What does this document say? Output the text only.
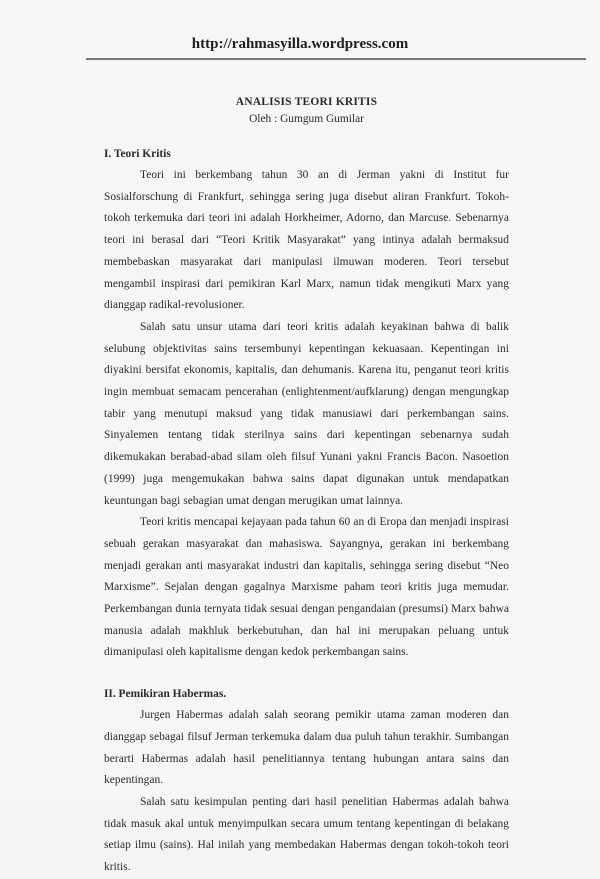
http://rahmasyilla.wordpress.com
ANALISIS TEORI KRITIS
Oleh : Gumgum Gumilar
I. Teori Kritis

Teori ini berkembang tahun 30 an di Jerman yakni di Institut fur Sosialforschung di Frankfurt, sehingga sering juga disebut aliran Frankfurt. Tokoh-tokoh terkemuka dari teori ini adalah Horkheimer, Adorno, dan Marcuse. Sebenarnya teori ini berasal dari “Teori Kritik Masyarakat” yang intinya adalah bermaksud membebaskan masyarakat dari manipulasi ilmuwan moderen. Teori tersebut mengambil inspirasi dari pemikiran Karl Marx, namun tidak mengikuti Marx yang dianggap radikal-revolusioner.

Salah satu unsur utama dari teori kritis adalah keyakinan bahwa di balik selubung objektivitas sains tersembunyi kepentingan kekuasaan. Kepentingan ini diyakini bersifat ekonomis, kapitalis, dan dehumanis. Karena itu, penganut teori kritis ingin membuat semacam pencerahan (enlightenment/aufklarung) dengan mengungkap tabir yang menutupi maksud yang tidak manusiawi dari perkembangan sains. Sinyalemen tentang tidak sterilnya sains dari kepentingan sebenarnya sudah dikemukakan berabad-abad silam oleh filsuf Yunani yakni Francis Bacon. Nasoetion (1999) juga mengemukakan bahwa sains dapat digunakan untuk mendapatkan keuntungan bagi sebagian umat dengan merugikan umat lainnya.

Teori kritis mencapai kejayaan pada tahun 60 an di Eropa dan menjadi inspirasi sebuah gerakan masyarakat dan mahasiswa. Sayangnya, gerakan ini berkembang menjadi gerakan anti masyarakat industri dan kapitalis, sehingga sering disebut “Neo Marxisme”. Sejalan dengan gagalnya Marxisme paham teori kritis juga memudar. Perkembangan dunia ternyata tidak sesuai dengan pengandaian (presumsi) Marx bahwa manusia adalah makhluk berkebutuhan, dan hal ini merupakan peluang untuk dimanipulasi oleh kapitalisme dengan kedok perkembangan sains.

II. Pemikiran Habermas.

Jurgen Habermas adalah salah seorang pemikir utama zaman moderen dan dianggap sebagai filsuf Jerman terkemuka dalam dua puluh tahun terakhir. Sumbangan berarti Habermas adalah hasil penelitiannya tentang hubungan antara sains dan kepentingan.

Salah satu kesimpulan penting dari hasil penelitian Habermas adalah bahwa tidak masuk akal untuk menyimpulkan secara umum tentang kepentingan di belakang setiap ilmu (sains). Hal inilah yang membedakan Habermas dengan tokoh-tokoh teori kritis.
